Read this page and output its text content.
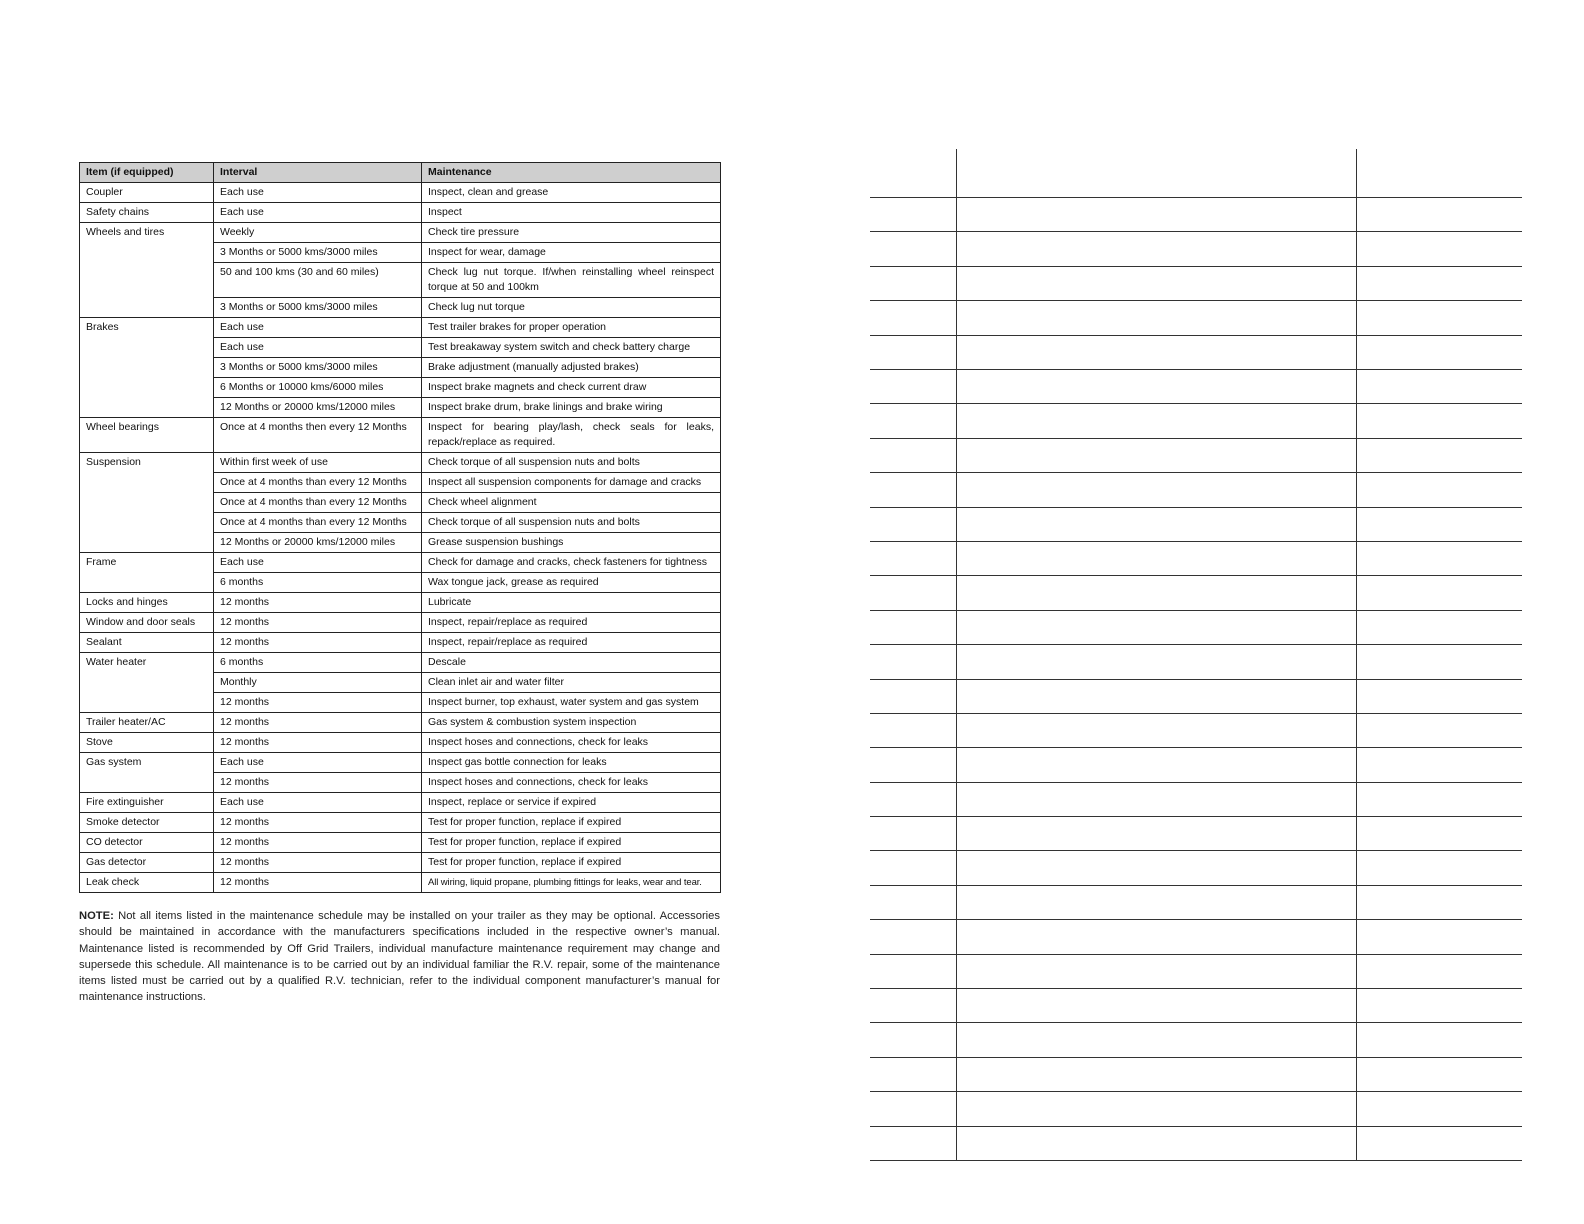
Item (if equipped)	Interval	Maintenance
Coupler	Each use	Inspect, clean and grease
Safety chains	Each use	Inspect
Wheels and tires	Weekly	Check tire pressure
	3 Months or 5000 kms/3000 miles	Inspect for wear, damage
	50 and 100 kms (30 and 60 miles)	Check lug nut torque. If/when reinstalling wheel reinspect torque at 50 and 100km
	3 Months or 5000 kms/3000 miles	Check lug nut torque
Brakes	Each use	Test trailer brakes for proper operation
	Each use	Test breakaway system switch and check battery charge
	3 Months or 5000 kms/3000 miles	Brake adjustment (manually adjusted brakes)
	6 Months or 10000 kms/6000 miles	Inspect brake magnets and check current draw
	12 Months or 20000 kms/12000 miles	Inspect brake drum, brake linings and brake wiring
Wheel bearings	Once at 4 months then every 12 Months	Inspect for bearing play/lash, check seals for leaks, repack/replace as required.
Suspension	Within first week of use	Check torque of all suspension nuts and bolts
	Once at 4 months than every 12 Months	Inspect all suspension components for damage and cracks
	Once at 4 months than every 12 Months	Check wheel alignment
	Once at 4 months than every 12 Months	Check torque of all suspension nuts and bolts
	12 Months or 20000 kms/12000 miles	Grease suspension bushings
Frame	Each use	Check for damage and cracks, check fasteners for tightness
	6 months	Wax tongue jack, grease as required
Locks and hinges	12 months	Lubricate
Window and door seals	12 months	Inspect, repair/replace as required
Sealant	12 months	Inspect, repair/replace as required
Water heater	6 months	Descale
	Monthly	Clean inlet air and water filter
	12 months	Inspect burner, top exhaust, water system and gas system
Trailer heater/AC	12 months	Gas system & combustion system inspection
Stove	12 months	Inspect hoses and connections, check for leaks
Gas system	Each use	Inspect gas bottle connection for leaks
	12 months	Inspect hoses and connections, check for leaks
Fire extinguisher	Each use	Inspect, replace or service if expired
Smoke detector	12 months	Test for proper function, replace if expired
CO detector	12 months	Test for proper function, replace if expired
Gas detector	12 months	Test for proper function, replace if expired
Leak check	12 months	All wiring, liquid propane, plumbing fittings for leaks, wear and tear.

NOTE: Not all items listed in the maintenance schedule may be installed on your trailer as they may be optional. Accessories should be maintained in accordance with the manufacturers specifications included in the respective owner’s manual. Maintenance listed is recommended by Off Grid Trailers, individual manufacture maintenance requirement may change and supersede this schedule. All maintenance is to be carried out by an individual familiar the R.V. repair, some of the maintenance items listed must be carried out by a qualified R.V. technician, refer to the individual component manufacturer’s manual for maintenance instructions.
